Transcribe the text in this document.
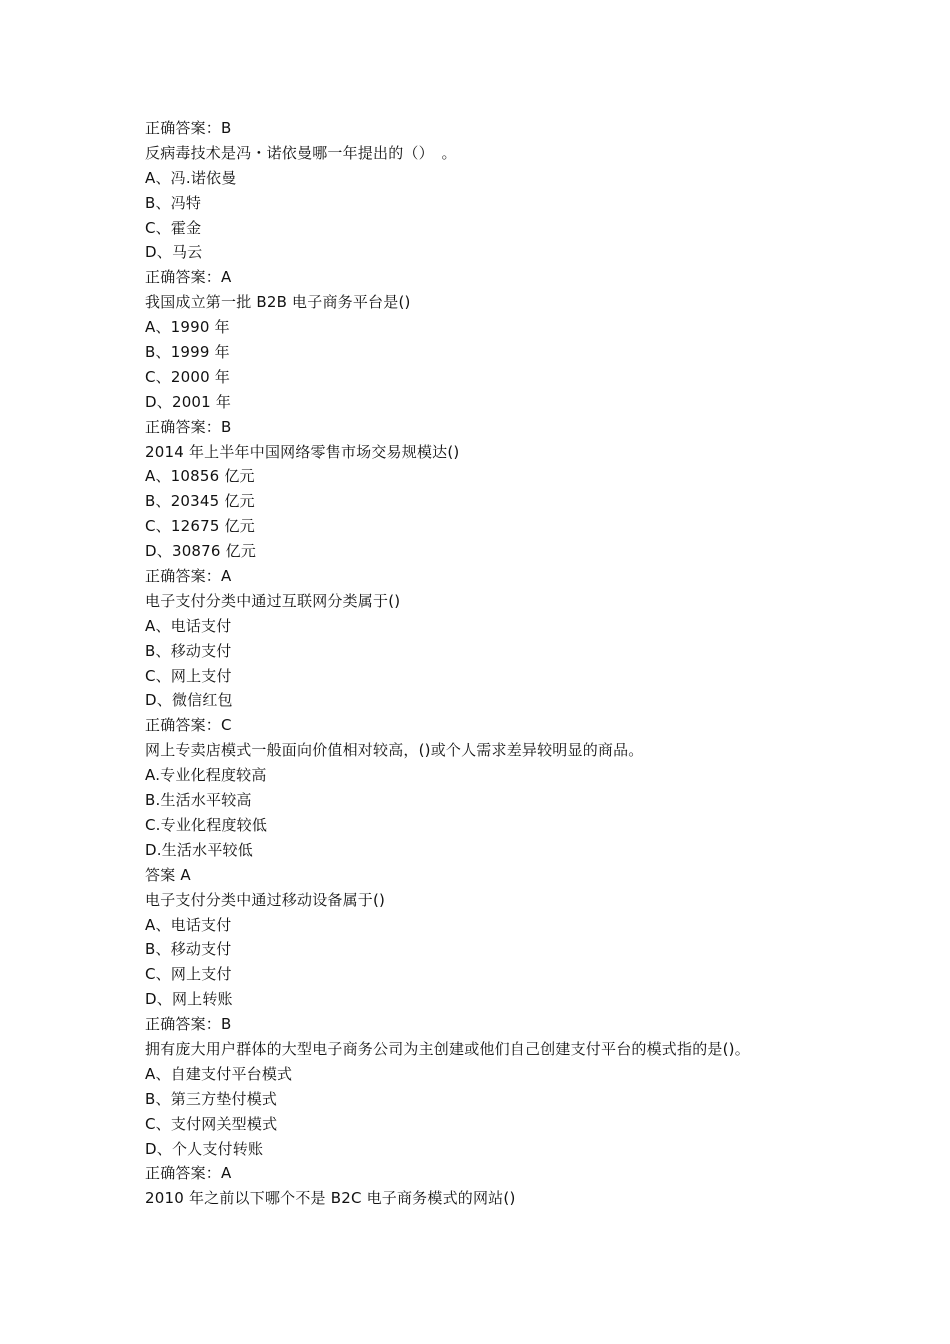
正确答案：B
反病毒技术是冯・诺依曼哪一年提出的（）　。
A、冯.诺依曼
B、冯特
C、霍金
D、马云
正确答案：A
我国成立第一批 B2B 电子商务平台是()
A、1990 年
B、1999 年
C、2000 年
D、2001 年
正确答案：B
2014 年上半年中国网络零售市场交易规模达()
A、10856 亿元
B、20345 亿元
C、12675 亿元
D、30876 亿元
正确答案：A
电子支付分类中通过互联网分类属于()
A、电话支付
B、移动支付
C、网上支付
D、微信红包
正确答案：C
网上专卖店模式一般面向价值相对较高，()或个人需求差异较明显的商品。
A.专业化程度较高
B.生活水平较高
C.专业化程度较低
D.生活水平较低
答案 A
电子支付分类中通过移动设备属于()
A、电话支付
B、移动支付
C、网上支付
D、网上转账
正确答案：B
拥有庞大用户群体的大型电子商务公司为主创建或他们自己创建支付平台的模式指的是()。
A、自建支付平台模式
B、第三方垫付模式
C、支付网关型模式
D、个人支付转账
正确答案：A
2010 年之前以下哪个不是 B2C 电子商务模式的网站()
